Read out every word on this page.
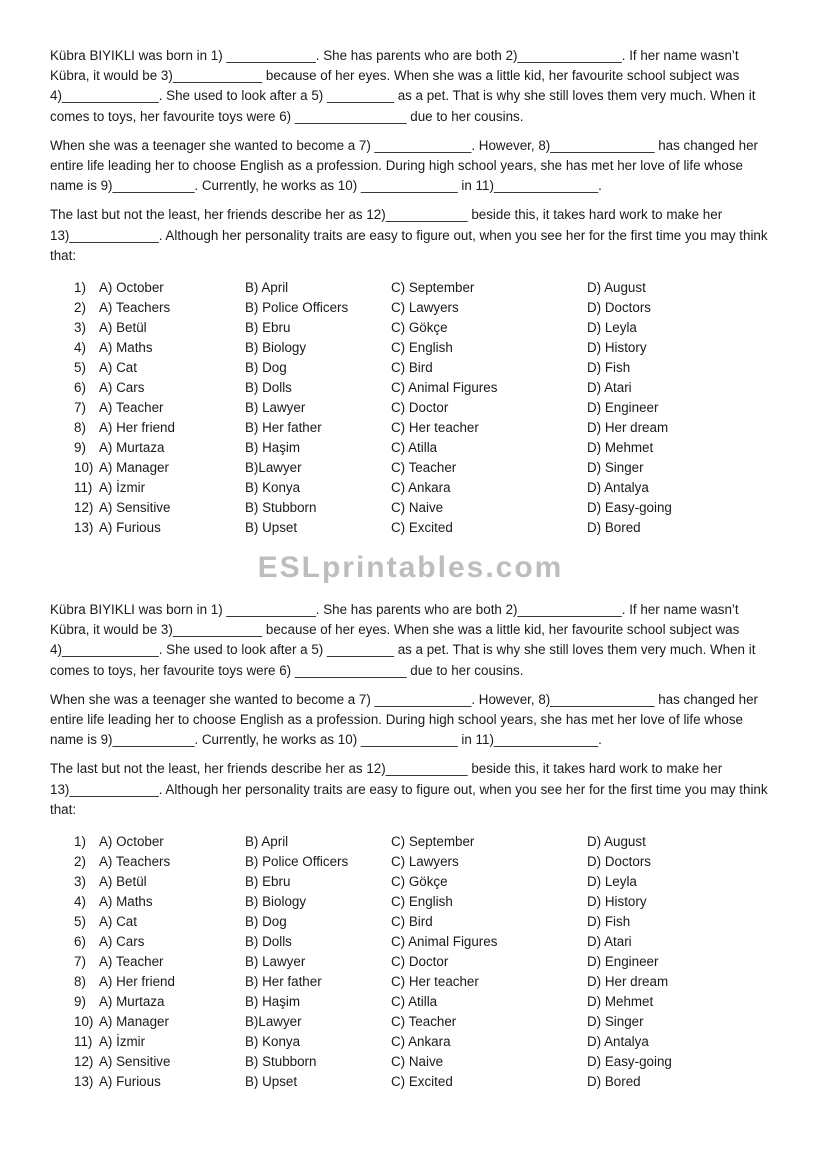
Kübra BIYIKLI was born in 1) ____________. She has parents who are both 2)______________. If her name wasn’t Kübra, it would be 3)____________ because of her eyes. When she was a little kid, her favourite school subject was 4)_____________. She used to look after a 5) _________ as a pet. That is why she still loves them very much. When it comes to toys, her favourite toys were 6) _______________ due to her cousins.

When she was a teenager she wanted to become a 7) _____________. However, 8)______________ has changed her entire life leading her to choose English as a profession. During high school years, she has met her love of life whose name is 9)___________. Currently, he works as 10) _____________ in 11)______________.

The last but not the least, her friends describe her as 12)___________ beside this, it takes hard work to make her 13)____________. Although her personality traits are easy to figure out, when you see her for the first time you may think that:

1) A) October	B) April	C) September	D) August
2) A) Teachers	B) Police Officers	C) Lawyers	D) Doctors
3) A) Betül	B) Ebru	C) Gökçe	D) Leyla
4) A) Maths	B) Biology	C) English	D) History
5) A) Cat	B) Dog	C) Bird	D) Fish
6) A) Cars	B) Dolls	C) Animal Figures	D) Atari
7) A) Teacher	B) Lawyer	C) Doctor	D) Engineer
8) A) Her friend	B) Her father	C) Her teacher	D) Her dream
9) A) Murtaza	B) Haşim	C) Atilla	D) Mehmet
10) A) Manager	B)Lawyer	C) Teacher	D) Singer
11) A) İzmir	B) Konya	C) Ankara	D) Antalya
12) A) Sensitive	B) Stubborn	C) Naive	D) Easy-going
13) A) Furious	B) Upset	C) Excited	D) Bored
ESLprintables.com

Kübra BIYIKLI was born in 1) ____________. She has parents who are both 2)______________. If her name wasn’t Kübra, it would be 3)____________ because of her eyes. When she was a little kid, her favourite school subject was 4)_____________. She used to look after a 5) _________ as a pet. That is why she still loves them very much. When it comes to toys, her favourite toys were 6) _______________ due to her cousins.

When she was a teenager she wanted to become a 7) _____________. However, 8)______________ has changed her entire life leading her to choose English as a profession. During high school years, she has met her love of life whose name is 9)___________. Currently, he works as 10) _____________ in 11)______________.

The last but not the least, her friends describe her as 12)___________ beside this, it takes hard work to make her 13)____________. Although her personality traits are easy to figure out, when you see her for the first time you may think that:

1) A) October	B) April	C) September	D) August
2) A) Teachers	B) Police Officers	C) Lawyers	D) Doctors
3) A) Betül	B) Ebru	C) Gökçe	D) Leyla
4) A) Maths	B) Biology	C) English	D) History
5) A) Cat	B) Dog	C) Bird	D) Fish
6) A) Cars	B) Dolls	C) Animal Figures	D) Atari
7) A) Teacher	B) Lawyer	C) Doctor	D) Engineer
8) A) Her friend	B) Her father	C) Her teacher	D) Her dream
9) A) Murtaza	B) Haşim	C) Atilla	D) Mehmet
10) A) Manager	B)Lawyer	C) Teacher	D) Singer
11) A) İzmir	B) Konya	C) Ankara	D) Antalya
12) A) Sensitive	B) Stubborn	C) Naive	D) Easy-going
13) A) Furious	B) Upset	C) Excited	D) Bored
